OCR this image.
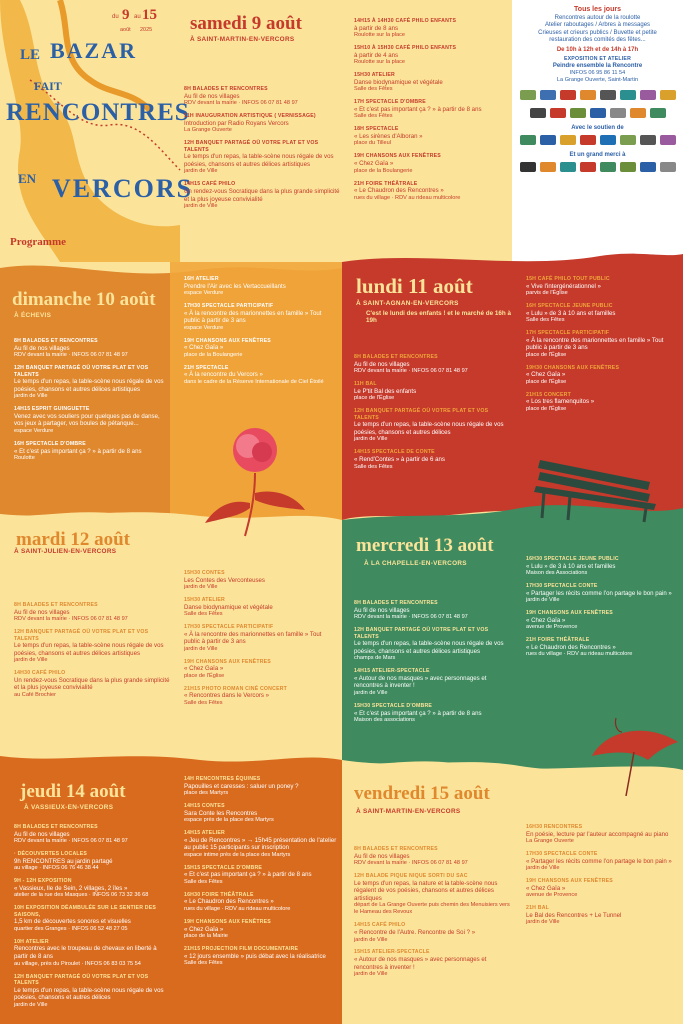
LE BAZAR
FAIT
RENCONTRES
EN VERCORS
Programme
du 9 au 15
août 2025
Tous les jours
Rencontres autour de la roulotte
Atelier raboutages / Arbres à messages
Crieuses et crieurs publics / Buvette et petite
restauration des comités des fêtes...
De 10h à 12h et de 14h à 17h
EXPOSITION ET ATELIER
Peindre ensemble la Rencontre
INFOS 06 95 86 11 54
La Grange Ouverte, Saint-Martin

Avec le soutien de
Et un grand merci à
samedi 9 août
À SAINT-MARTIN-EN-VERCORS
8H BALADES ET RENCONTRES
Au fil de nos villages
RDV devant la mairie · INFOS 06 07 81 48 97
11H INAUGURATION ARTISTIQUE ( VERNISSAGE)
Introduction par Radio Royans Vercors
La Grange Ouverte
12H BANQUET PARTAGÉ OÙ VOTRE PLAT ET VOS TALENTS
Le temps d'un repas, la table-scène nous régale de vos poésies, chansons et autres délices artistiques
jardin de Ville
14H15 CAFÉ PHILO
Un rendez-vous Socratique dans la plus grande simplicité et la plus joyeuse convivialité
jardin de Ville
14H15 À 14H30 CAFÉ PHILO ENFANTS
à partir de 8 ans
Roulotte sur la place
15H10 À 15H30 CAFÉ PHILO ENFANTS
à partir de 4 ans
Roulotte sur la place
15H30 ATELIER
Danse biodynamique et végétale
Salle des Fêtes
17H SPECTACLE D'OMBRE
« Et c'est pas important ça ? » à partir de 8 ans
Salle des Fêtes
18H SPECTACLE
« Les sirènes d'Alboran »
place du Tilleul
19H CHANSONS AUX FENÊTRES
« Chez Gaïa »
place de la Boulangerie
21H FOIRE THÉÂTRALE
« Le Chaudron des Rencontres »
rues du village · RDV au rideau multicolore
dimanche 10 août
À ÉCHEVIS
8H BALADES ET RENCONTRES
Au fil de nos villages
RDV devant la mairie · INFOS 06 07 81 48 97
12H BANQUET PARTAGÉ OÙ VOTRE PLAT ET VOS TALENTS
Le temps d'un repas, la table-scène nous régale de vos poésies, chansons et autres délices artistiques
jardin de Ville
14H15 ESPRIT GUINGUETTE
Venez avec vos souliers pour quelques pas de danse, vos jeux à partager, vos boules de pétanque...
espace Verdure
16H SPECTACLE D'OMBRE
« Et c'est pas important ça ? » à partir de 8 ans
Roulotte
16H ATELIER
Prendre l'Air avec les Vertaccueillants
espace Verdure
17H30 SPECTACLE PARTICIPATIF
« À la rencontre des marionnettes en famille » Tout public à partir de 3 ans
espace Verdure
19H CHANSONS AUX FENÊTRES
« Chez Gaïa »
place de la Boulangerie
21H SPECTACLE
« À la rencontre du Vercors »
dans le cadre de la Réserve Internationale de Ciel Étoilé
lundi 11 août
À SAINT-AGNAN-EN-VERCORS
C'est le lundi des enfants ! et le marché de 16h à 19h
8H BALADES ET RENCONTRES
Au fil de nos villages
RDV devant la mairie · INFOS 06 07 81 48 97
11H BAL
Le P'tit Bal des enfants
place de l'Église
12H BANQUET PARTAGÉ OÙ VOTRE PLAT ET VOS TALENTS
Le temps d'un repas, la table-scène nous régale de vos poésies, chansons et autres délices
jardin de Ville
14H15 SPECTACLE DE CONTE
« Rend'Contes » à partir de 6 ans
Salle des Fêtes
15H CAFÉ PHILO TOUT PUBLIC
« Vive l'intergénérationnel »
parvis de l'Église
16H SPECTACLE JEUNE PUBLIC
« Lulu » de 3 à 10 ans et familles
Salle des Fêtes
17H SPECTACLE PARTICIPATIF
« À la rencontre des marionnettes en famille » Tout public à partir de 3 ans
place de l'Église
19H30 CHANSONS AUX FENÊTRES
« Chez Gaïa »
place de l'Église
21H15 CONCERT
« Los tres flamenquitos »
place de l'Église
mardi 12 août
À SAINT-JULIEN-EN-VERCORS
8H BALADES ET RENCONTRES
Au fil de nos villages
RDV devant la mairie · INFOS 06 07 81 48 97
12H BANQUET PARTAGÉ OÙ VOTRE PLAT ET VOS TALENTS
Le temps d'un repas, la table-scène nous régale de vos poésies, chansons et autres délices artistiques
jardin de Ville
14H30 CAFÉ PHILO
Un rendez-vous Socratique dans la plus grande simplicité et la plus joyeuse convivialité
au Café Brochier
15H30 CONTES
Les Contes des Verconteuses
jardin de Ville
15H30 ATELIER
Danse biodynamique et végétale
Salle des Fêtes
17H30 SPECTACLE PARTICIPATIF
« À la rencontre des marionnettes en famille » Tout public à partir de 3 ans
jardin de Ville
19H CHANSONS AUX FENÊTRES
« Chez Gaïa »
place de l'Église
21H15 PHOTO ROMAN CINÉ CONCERT
« Rencontres dans le Vercors »
Salle des Fêtes
mercredi 13 août
À LA CHAPELLE-EN-VERCORS
8H BALADES ET RENCONTRES
Au fil de nos villages
RDV devant la mairie · INFOS 06 07 81 48 97
12H BANQUET PARTAGÉ OÙ VOTRE PLAT ET VOS TALENTS
Le temps d'un repas, la table-scène nous régale de vos poésies, chansons et autres délices artistiques
champs de Mars
14H15 ATELIER-SPECTACLE
« Autour de nos masques » avec personnages et rencontres à inventer !
jardin de Ville
15H30 SPECTACLE D'OMBRE
« Et c'est pas important ça ? » à partir de 8 ans
Maison des associations
16H30 SPECTACLE JEUNE PUBLIC
« Lulu » de 3 à 10 ans et familles
Maison des Associations
17H30 SPECTACLE CONTE
« Partager les récits comme l'on partage le bon pain »
jardin de Ville
19H CHANSONS AUX FENÊTRES
« Chez Gaïa »
avenue de Provence
21H FOIRE THÉÂTRALE
« Le Chaudron des Rencontres »
rues du village · RDV au rideau multicolore
jeudi 14 août
À VASSIEUX-EN-VERCORS
8H BALADES ET RENCONTRES
Au fil de nos villages
RDV devant la mairie · INFOS 06 07 81 48 97
· DÉCOUVERTES LOCALES
9h RENCONTRES au jardin partagé
au village · INFOS 06 76 46 38 44
9H - 12H EXPOSITION
« Vassieux, Ile de Sein, 2 villages, 2 îles »
atelier de la rue des Masques · INFOS 06 73 32 36 68
10H EXPOSITION DÉAMBULÉE SUR LE SENTIER DES SAISONS,
1,5 km de découvertes sonores et visuelles
quartier des Granges · INFOS 06 52 48 27 05
10H ATELIER
Rencontres avec le troupeau de chevaux en liberté à partir de 8 ans
au village, près du Piroulet · INFOS 06 83 03 75 54
12H BANQUET PARTAGÉ OÙ VOTRE PLAT ET VOS TALENTS
Le temps d'un repas, la table-scène nous régale de vos poésies, chansons et autres délices
jardin de Ville
14H RENCONTRES ÉQUINES
Papouilles et caresses : saluer un poney ?
place des Martyrs
14H15 CONTES
Sara Conte les Rencontres
espace près de la place des Martyrs
14H15 ATELIER
« Jeu de Rencontres » → 15h45 présentation de l'atelier au public 15 participants sur inscription
espace intime près de la place des Martyrs
15H15 SPECTACLE D'OMBRE
« Et c'est pas important ça ? » à partir de 8 ans
Salle des Fêtes
16H30 FOIRE THÉÂTRALE
« Le Chaudron des Rencontres »
rues du village · RDV au rideau multicolore
19H CHANSONS AUX FENÊTRES
« Chez Gaïa »
place de la Mairie
21H15 PROJECTION FILM DOCUMENTAIRE
« 12 jours ensemble » puis débat avec la réalisatrice
Salle des Fêtes
vendredi 15 août
À SAINT-MARTIN-EN-VERCORS
8H BALADES ET RENCONTRES
Au fil de nos villages
RDV devant la mairie · INFOS 06 07 81 48 97
12H BALADE PIQUE NIQUE SORTI DU SAC
Le temps d'un repas, la nature et la table-scène nous régalent de vos poésies, chansons et autres délices artistiques
départ de La Grange Ouverte puis chemin des Menuisiers vers le Hameau des Revoux
14H15 CAFÉ PHILO
« Rencontre de l'Autre. Rencontre de Soi ? »
jardin de Ville
15H15 ATELIER-SPECTACLE
« Autour de nos masques » avec personnages et rencontres à inventer !
jardin de Ville
16H30 RENCONTRES
En poésie, lecture par l'auteur accompagné au piano
La Grange Ouverte
17H30 SPECTACLE CONTE
« Partager les récits comme l'on partage le bon pain »
jardin de Ville
19H CHANSONS AUX FENÊTRES
« Chez Gaïa »
avenue de Provence
21H BAL
Le Bal des Rencontres + Le Tunnel
jardin de Ville
